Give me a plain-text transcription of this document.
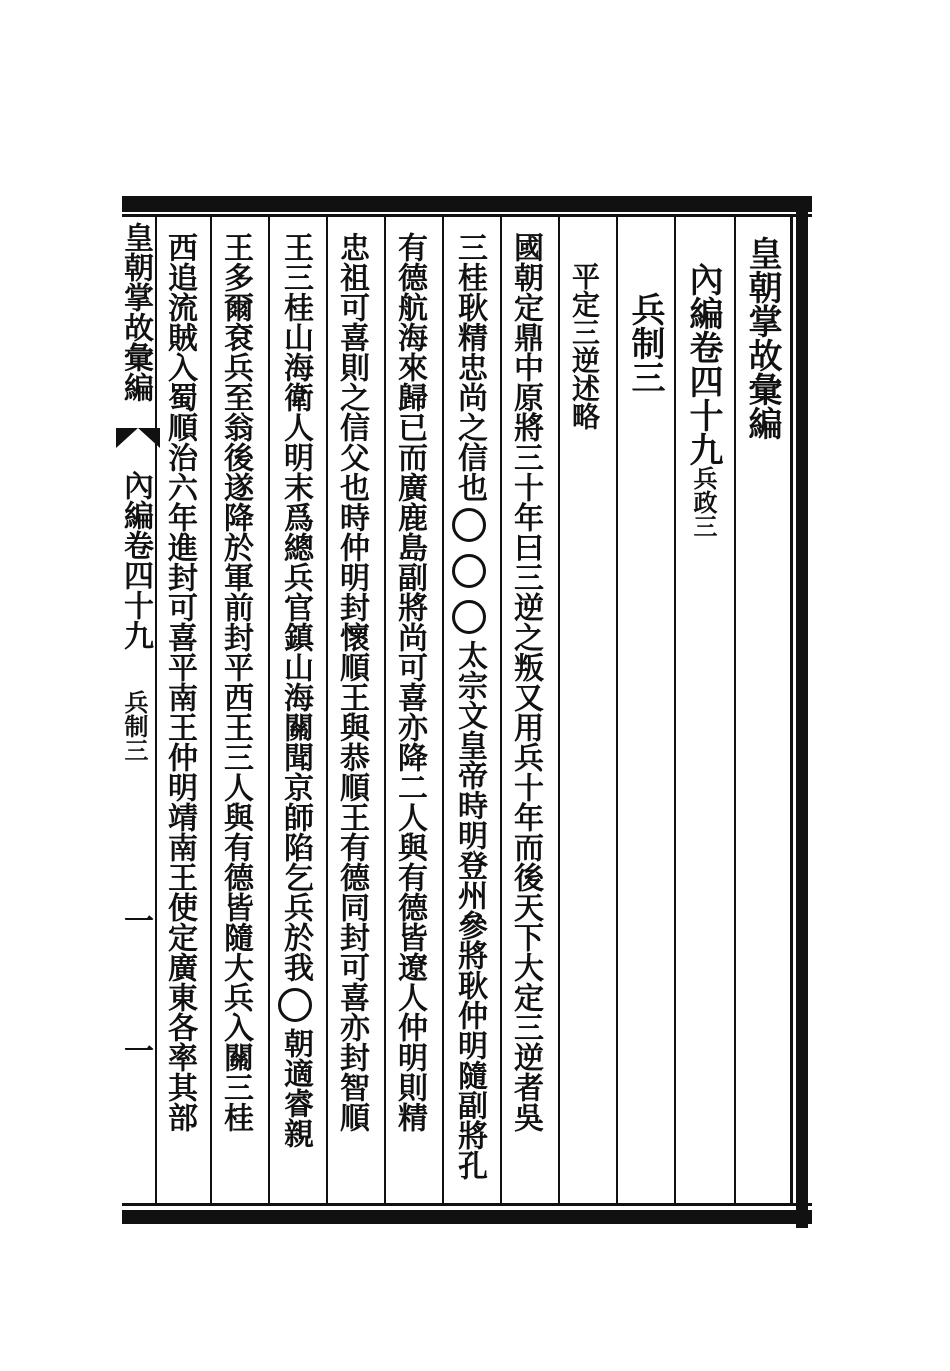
皇朝掌故彙編
內編卷四十九兵政三
兵制三
平定三逆述略
國朝定鼎中原將三十年曰三逆之叛又用兵十年而後天下大定三逆者吳
三桂耿精忠尚之信也太宗文皇帝時明登州參將耿仲明隨副將孔
有德航海來歸已而廣鹿島副將尚可喜亦降二人與有德皆遼人仲明則精
忠祖可喜則之信父也時仲明封懷順王與恭順王有德同封可喜亦封智順
王三桂山海衛人明末爲總兵官鎮山海關聞京師陷乞兵於我朝適睿親
王多爾袞兵至翁後遂降於軍前封平西王三人與有德皆隨大兵入關三桂
西追流賊入蜀順治六年進封可喜平南王仲明靖南王使定廣東各率其部
皇朝掌故彙編
內編卷四十九
兵制三
一一
